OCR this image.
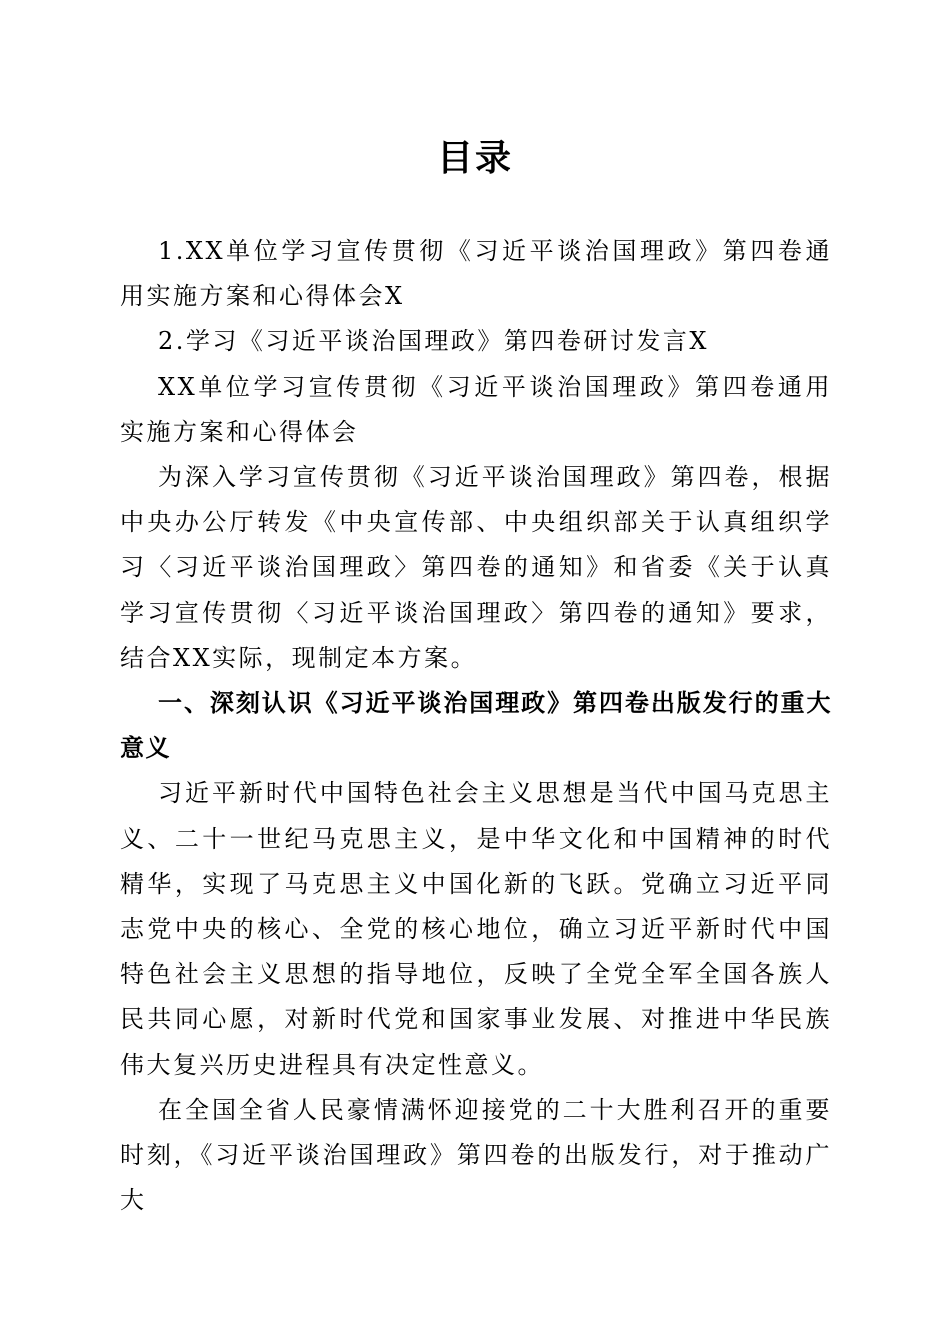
目录

1.XX单位学习宣传贯彻《习近平谈治国理政》第四卷通用实施方案和心得体会X

2.学习《习近平谈治国理政》第四卷研讨发言X

XX单位学习宣传贯彻《习近平谈治国理政》第四卷通用实施方案和心得体会

为深入学习宣传贯彻《习近平谈治国理政》第四卷，根据中央办公厅转发《中央宣传部、中央组织部关于认真组织学习〈习近平谈治国理政〉第四卷的通知》和省委《关于认真学习宣传贯彻〈习近平谈治国理政〉第四卷的通知》要求，结合XX实际，现制定本方案。

一、深刻认识《习近平谈治国理政》第四卷出版发行的重大意义

习近平新时代中国特色社会主义思想是当代中国马克思主义、二十一世纪马克思主义，是中华文化和中国精神的时代精华，实现了马克思主义中国化新的飞跃。党确立习近平同志党中央的核心、全党的核心地位，确立习近平新时代中国特色社会主义思想的指导地位，反映了全党全军全国各族人民共同心愿，对新时代党和国家事业发展、对推进中华民族伟大复兴历史进程具有决定性意义。

在全国全省人民豪情满怀迎接党的二十大胜利召开的重要时刻，《习近平谈治国理政》第四卷的出版发行，对于推动广大
